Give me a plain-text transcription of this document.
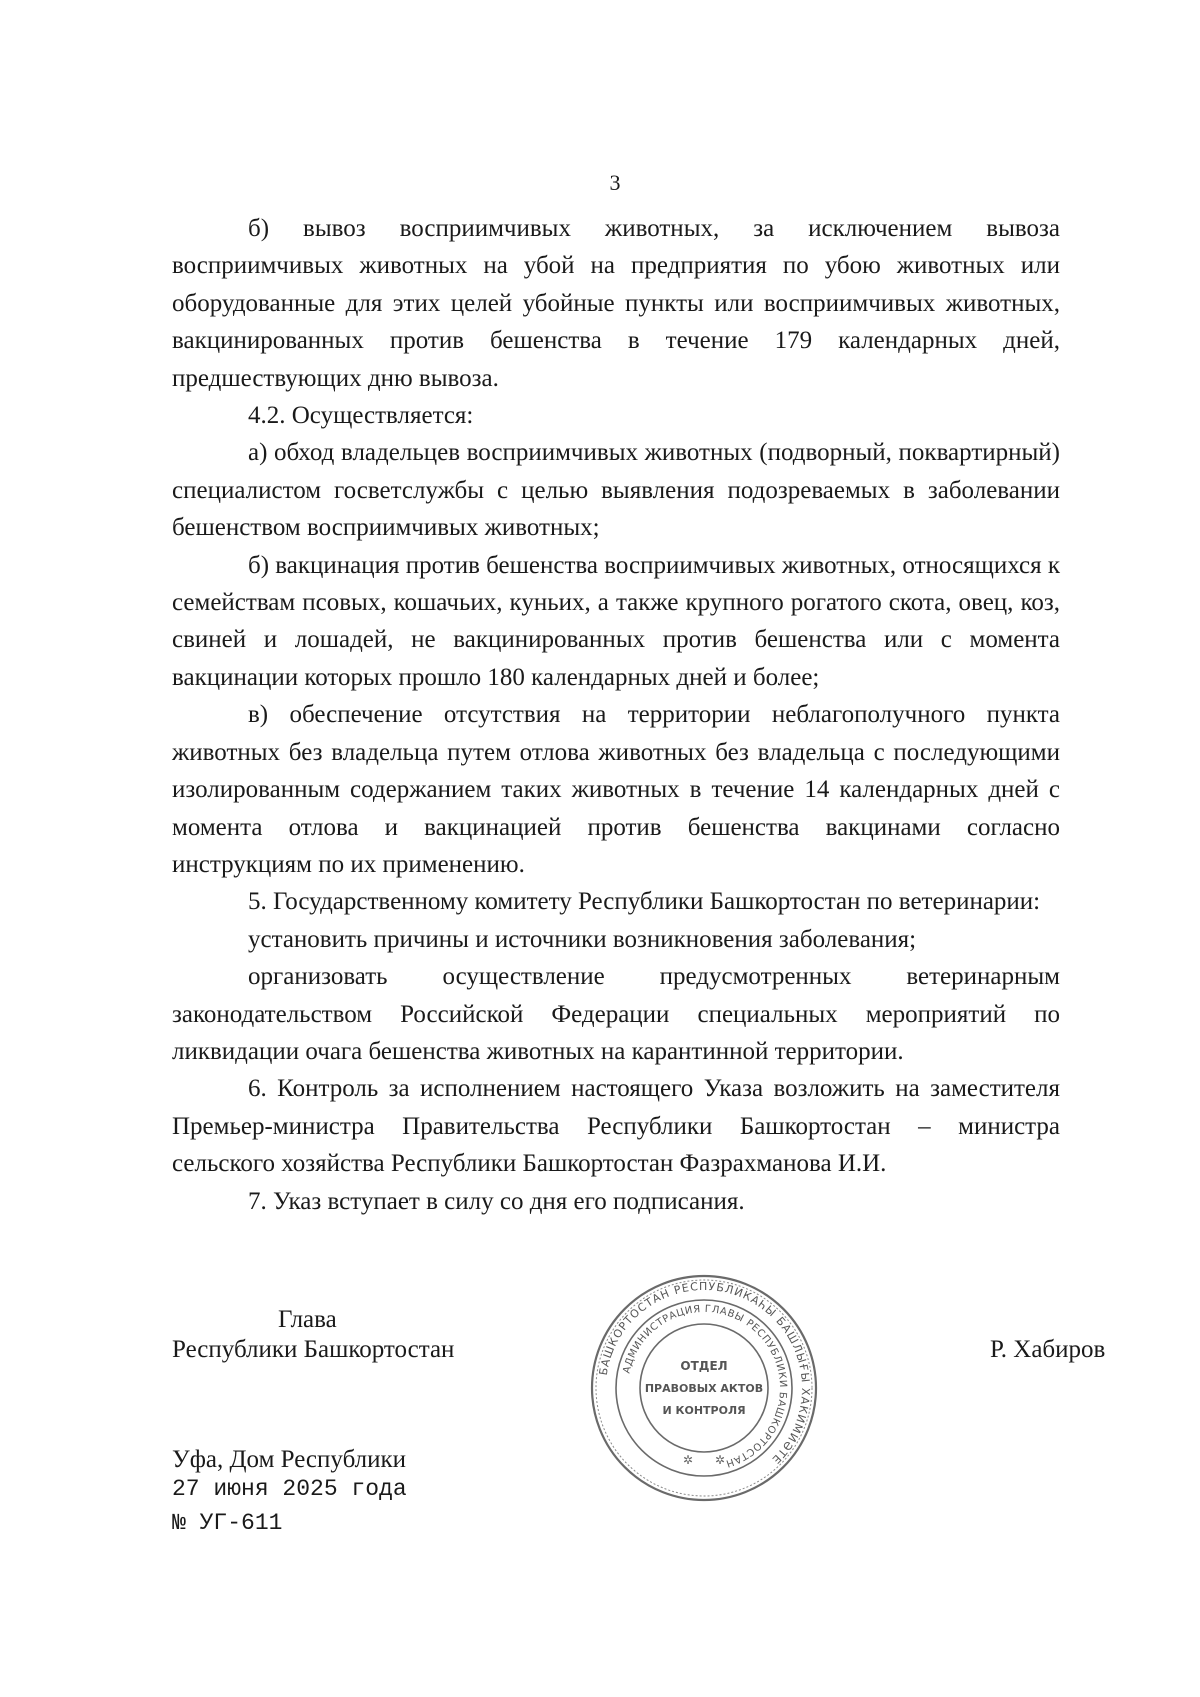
3

б) вывоз восприимчивых животных, за исключением вывоза восприимчивых животных на убой на предприятия по убою животных или оборудованные для этих целей убойные пункты или восприимчивых животных, вакцинированных против бешенства в течение 179 календарных дней, предшествующих дню вывоза.

4.2. Осуществляется:

а) обход владельцев восприимчивых животных (подворный, поквартирный) специалистом госветслужбы с целью выявления подозреваемых в заболевании бешенством восприимчивых животных;

б) вакцинация против бешенства восприимчивых животных, относящихся к семействам псовых, кошачьих, куньих, а также крупного рогатого скота, овец, коз, свиней и лошадей, не вакцинированных против бешенства или с момента вакцинации которых прошло 180 календарных дней и более;

в) обеспечение отсутствия на территории неблагополучного пункта животных без владельца путем отлова животных без владельца с последующими изолированным содержанием таких животных в течение 14 календарных дней с момента отлова и вакцинацией против бешенства вакцинами согласно инструкциям по их применению.

5. Государственному комитету Республики Башкортостан по ветеринарии:

установить причины и источники возникновения заболевания;

организовать осуществление предусмотренных ветеринарным законодательством Российской Федерации специальных мероприятий по ликвидации очага бешенства животных на карантинной территории.

6. Контроль за исполнением настоящего Указа возложить на заместителя Премьер-министра Правительства Республики Башкортостан – министра сельского хозяйства Республики Башкортостан Фазрахманова И.И.

7. Указ вступает в силу со дня его подписания.

Глава
Республики Башкортостан	Р. Хабиров
Уфа, Дом Республики
27 июня 2025 года
№ УГ-611
БАШКОРТОСТАН РЕСПУБЛИКАҺЫ БАШЛЫҒЫ ХАКИМИӘТЕ
АДМИНИСТРАЦИЯ ГЛАВЫ РЕСПУБЛИКИ БАШКОРТОСТАН
ОТДЕЛ
ПРАВОВЫХ АКТОВ
И КОНТРОЛЯ
✲ ✲
